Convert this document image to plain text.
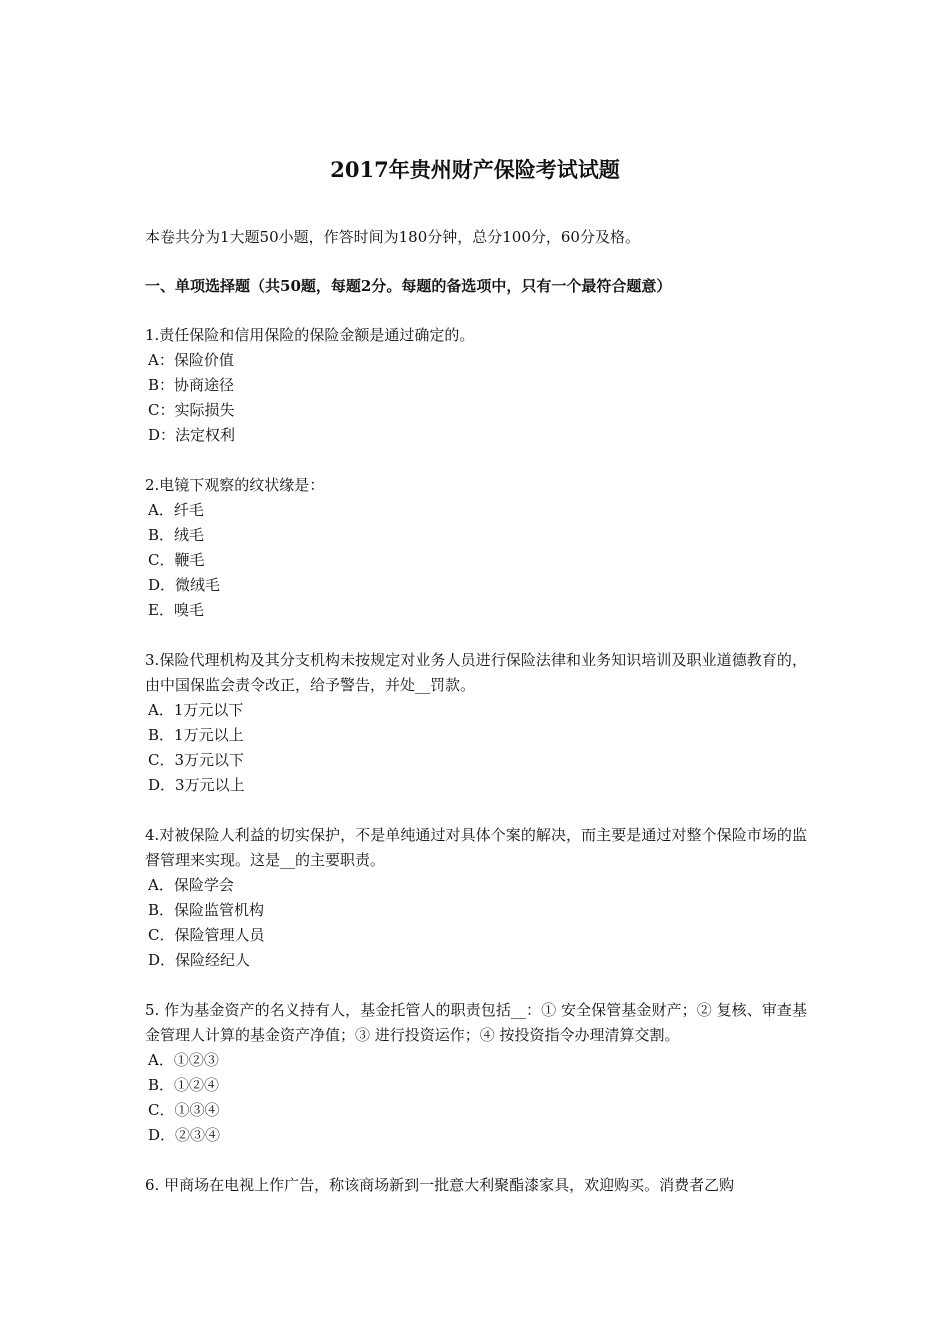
2017年贵州财产保险考试试题
本卷共分为1大题50小题，作答时间为180分钟，总分100分，60分及格。
一、单项选择题（共50题，每题2分。每题的备选项中，只有一个最符合题意）
1.责任保险和信用保险的保险金额是通过确定的。
A：保险价值
B：协商途径
C：实际损失
D：法定权利
2.电镜下观察的纹状缘是：
A．纤毛
B．绒毛
C．鞭毛
D．微绒毛
E．嗅毛
3.保险代理机构及其分支机构未按规定对业务人员进行保险法律和业务知识培训及职业道德教育的，由中国保监会责令改正，给予警告，并处__罚款。
A．1万元以下
B．1万元以上
C．3万元以下
D．3万元以上
4.对被保险人利益的切实保护，不是单纯通过对具体个案的解决，而主要是通过对整个保险市场的监督管理来实现。这是__的主要职责。
A．保险学会
B．保险监管机构
C．保险管理人员
D．保险经纪人
5. 作为基金资产的名义持有人，基金托管人的职责包括__：① 安全保管基金财产；② 复核、审查基金管理人计算的基金资产净值；③ 进行投资运作；④ 按投资指令办理清算交割。
A．①②③
B．①②④
C．①③④
D．②③④
6. 甲商场在电视上作广告，称该商场新到一批意大利聚酯漆家具，欢迎购买。消费者乙购
